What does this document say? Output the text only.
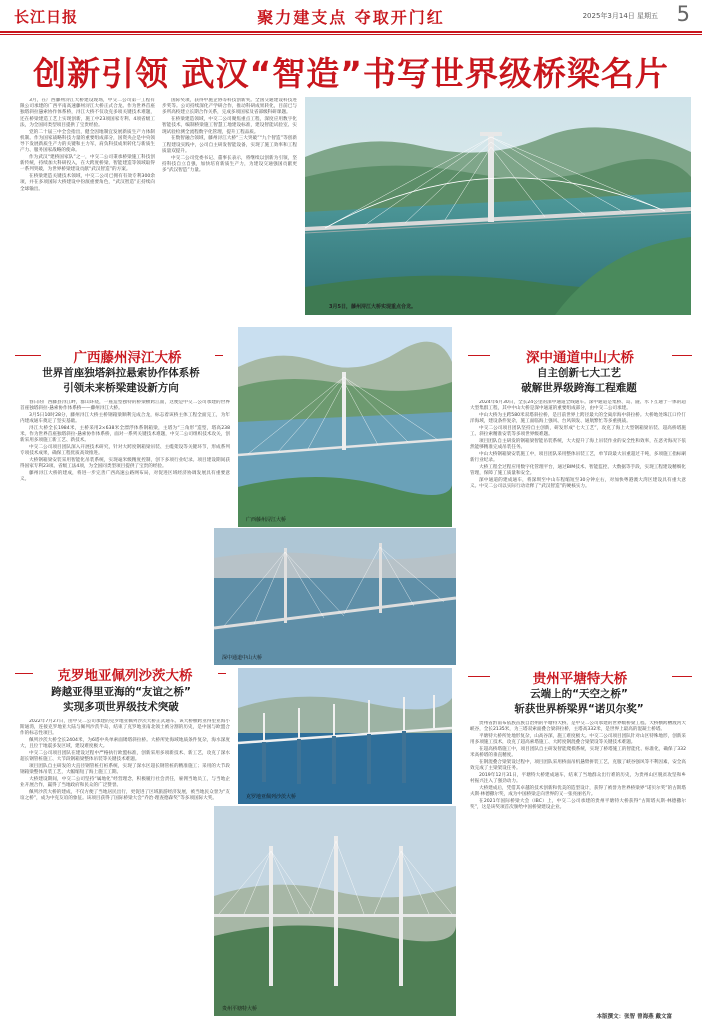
长江日报	聚力建支点 夺取开门红	2025年3月14日 星期五 5
创新引领 武汉“智造”书写世界级桥梁名片

3月，在广西藤州浔江大桥建设现场，中交二公司第一工程有限公司承建的广西平南高速藤州浔江大桥正式合龙。作为世界首座独塔斜拉悬索协作体系桥，浔江大桥不仅攻克多项关键技术难题，还在桥梁建造工艺上实现创新，施工中23项国家专利、4项省级工法，为全国同类型项目提供了宝贵经验。

党的二十届三中全会指出，健全因地制宜发展新质生产力体制机制。作为国家战略科技力量的重要组成部分，国资央企是中央领导下发展新质生产力的关键和主力军，肩负科技成果转化与新质生产力、服务国家战略的使命。

作为武汉“建桥国家队”之一，中交二公司秉承桥梁施工科技创新传统，持续加大科研投入，在大跨度桥梁、智能建造等领域取得一系列突破，为世界桥梁建设贡献“武汉智造”的方案。

在桥梁建造关键技术领域，中交二公司已拥有有效专利300余项，并在多项国际大桥建设中扮演重要角色，“武汉智造”正持续向全球输出。

国际奖项，获得中施企协等科技创新奖。全国交通建设科技进步奖等。公司持续深化产学研合作，推动科研成果转化，目前已与多所高校建立长期合作关系，完成多项国家及省部级科研课题。

在桥梁建造领域，中交二公司聚焦重点工程，深度应用数字化智能技术，编制桥梁施工智慧工地建设标准，建设智能试验室、实现试验检测全流程数字化管理，提升工程品质。

在数智融合领域，藤州浔江大桥“三大突破”“九个智造”等创新工程建设实践中，公司自主研发智能设备，实现了施工效率和工程质量双提升。

中交二公司党委书记、董事长表示，将继续以创新为引领，坚持科技自立自强，加快培育新质生产力，为建设交通强国贡献更多“武汉智造”力量。

3月5日，藤州浔江大桥实现重点合龙。
广西藤州浔江大桥
世界首座独塔斜拉悬索协作体系桥
引领未来桥梁建设新方向

春日的广西藤县浔江畔，群山环绕，一座造型独特的桥梁横跨江面，这便是中交二公司承建的世界首座独塔斜拉-悬索协作体系桥——藤州浔江大桥。

3月5日10时28分，藤州浔江大桥主桥钢箱梁顺利完成合龙，标志着该桥主体工程全面完工，为年内建成通车奠定了坚实基础。

浔江大桥全长1984米，主桥采用2×638米全漂浮体系钢箱梁，主塔为“三角形”造型，塔高238米。作为世界首座独塔斜拉-悬索协作体系桥，面对一系列关键技术难题，中交二公司组织技术攻关，创新采用多项施工新工艺、新技术。

中交二公司项目团队深入开展技术研究，针对大跨度钢箱梁吊装、主缆架设等关键环节，形成系列专项技术成果，确保工程优质高效推进。

大桥钢箱梁安装采用智能化吊装系统，实现毫米级精度控制，创下多项行业纪录。项目建设期间获得国家专利23项、省级工法4项，为全国同类型项目提供了宝贵的经验。

藤州浔江大桥的建成，将进一步完善广西高速公路网布局，对促进区域经济协调发展具有重要意义。

广西藤州浔江大桥
深中通道中山大桥
深中通道中山大桥
自主创新七大工艺
破解世界级跨海工程难题

2024年6月30日，全长24公里的深中通道全线通车。深中通道是集桥、岛、隧、水下互通于一体的超大型集群工程，其中中山大桥是深中通道的重要组成部分，由中交二公司承建。

中山大桥为主跨580米双塔斜拉桥，是目前世界上跨径最大的全离岸海中斜拉桥。大桥地处珠江口伶仃洋海域，建设条件复杂，施工面临海上强风、台风频发、通航繁忙等多重挑战。

中交二公司项目团队坚持自主创新，研发形成“七大工艺”，攻克了海上大型钢箱梁吊装、超高桥塔施工、斜拉索精准安装等多项世界级难题。

项目团队自主研发的钢箱梁智能吊装系统，大大提升了海上吊装作业的安全性和效率，在恶劣海况下依然能够精准完成吊装任务。

中山大桥钢箱梁安装施工中，项目团队采用整体吊装工艺，单节段最大吊重超过千吨，多项施工指标刷新行业纪录。

大桥工程全过程应用数字化管理平台，通过BIM技术、智能监控、大数据等手段，实现工程建设精细化管理，保障了施工质量和安全。

深中通道的建成通车，将深圳至中山车程缩短至30分钟左右，对加快粤港澳大湾区建设具有重大意义。中交二公司以实际行动诠释了“武汉智造”的硬核实力。

克罗地亚佩列沙茨大桥
跨越亚得里亚海的“友谊之桥”
实现多项世界级技术突破

2022年7月27日，由中交二公司承建的克罗地亚佩列沙茨大桥正式通车。该大桥横跨亚得里亚海小斯通湾，连接克罗地亚大陆与佩列沙茨半岛，结束了克罗地亚南北领土被分割的历史，是中国与欧盟合作的标志性项目。

佩列沙茨大桥全长2404米，为6塔中央单索面矮塔斜拉桥。大桥所处海域地质条件复杂，海水深度大，且位于地震多发区域，建设难度极大。

中交二公司项目团队在建设过程中严格执行欧盟标准，创新采用多项新技术、新工艺，攻克了深水超长钢管桩施工、大节段钢箱梁整体吊装等关键技术难题。

项目团队自主研发的大直径钢管桩打桩系统，实现了深水区超长钢管桩的精准施工；采用的大节段钢箱梁整体吊装工艺，大幅缩短了海上施工工期。

大桥建设期间，中交二公司坚持“属地化”经营理念，积极履行社会责任，雇佣当地员工，与当地企业开展合作，赢得了当地政府和民众的广泛赞誉。

佩列沙茨大桥的建成，不仅方便了当地居民出行，更促进了区域旅游经济发展，被当地民众誉为“友谊之桥”，成为中克友谊的象征。该项目获得了国际桥梁大会“乔治·理查德森奖”等多项国际大奖。	克罗地亚佩列沙茨大桥
贵州平塘特大桥
贵州平塘特大桥
云端上的“天空之桥”
斩获世界桥梁界“诺贝尔奖”

贵州省黔南布依族苗族自治州的平塘特大桥，是中交二公司承建的世界级桥梁工程。大桥横跨槽渡河大峡谷，全长2135米，为三塔双索面叠合梁斜拉桥，主塔高332米，是世界上最高的混凝土桥塔。

平塘特大桥所处地形复杂，山高谷深，施工难度极大。中交二公司项目团队针对山区特殊地形，创新采用多项施工技术，攻克了超高索塔施工、大跨度钢混叠合梁架设等关键技术难题。

在超高桥塔施工中，项目团队自主研发智能爬模系统，实现了桥塔施工的智能化、标准化，确保了332米高桥塔的垂直精度。

在钢混叠合梁架设过程中，项目团队采用桥面吊机悬臂拼装工艺，克服了峡谷强风等不利因素，安全高效完成了主梁架设任务。

2019年12月31日，平塘特大桥建成通车，结束了当地群众出行难的历史，为贵州山区脱贫攻坚和乡村振兴注入了强劲动力。

大桥建成后，凭借其卓越的技术创新和优美的造型设计，获得了被誉为世界桥梁界“诺贝尔奖”的古斯塔夫斯·林德撒尔奖，成为中国桥梁走向世界的又一张亮丽名片。

在2021年国际桥梁大会（IBC）上，中交二公司承建的贵州平塘特大桥获得“古斯塔夫斯·林德撒尔奖”，这是该奖项首次颁给中国桥梁建设企业。

本版撰文：张智 曾海燕 戴文富
